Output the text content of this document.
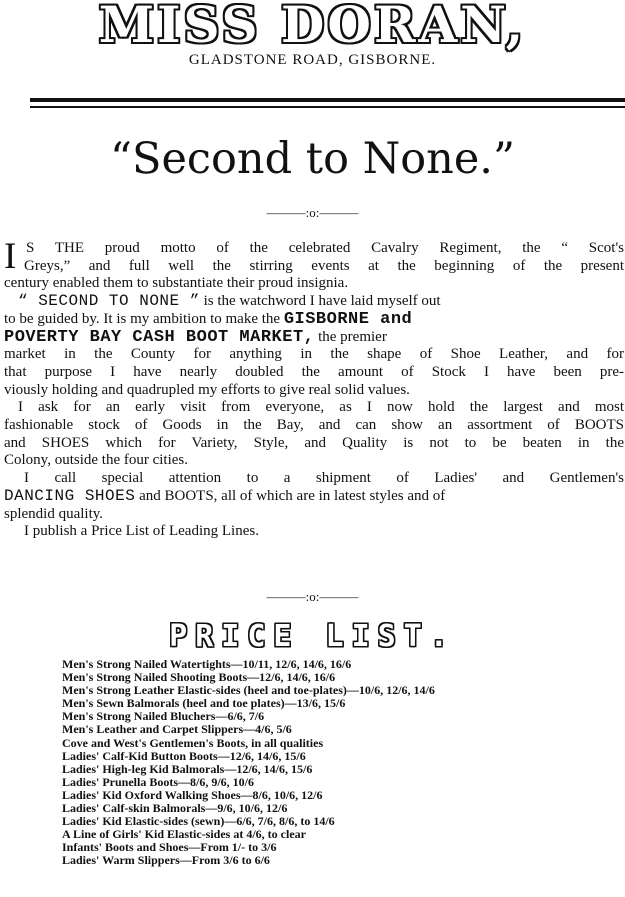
MISS DORAN,
GLADSTONE ROAD, GISBORNE.
“Second to None.”
———:o:———

I S THE proud motto of the celebrated Cavalry Regiment, the “ Scot's
Greys,” and full well the stirring events at the beginning of the present
century enabled them to substantiate their proud insignia.

“ SECOND TO NONE ” is the watchword I have laid myself out
to be guided by. It is my ambition to make the GISBORNE and
POVERTY BAY CASH BOOT MARKET, the premier
market in the County for anything in the shape of Shoe Leather, and for
that purpose I have nearly doubled the amount of Stock I have been pre-
viously holding and quadrupled my efforts to give real solid values.

I ask for an early visit from everyone, as I now hold the largest and most
fashionable stock of Goods in the Bay, and can show an assortment of BOOTS
and SHOES which for Variety, Style, and Quality is not to be beaten in the
Colony, outside the four cities.

I call special attention to a shipment of Ladies' and Gentlemen's
DANCING SHOES and BOOTS, all of which are in latest styles and of
splendid quality.

I publish a Price List of Leading Lines.

———:o:———
PRICE LIST.
Men's Strong Nailed Watertights—10/11, 12/6, 14/6, 16/6
Men's Strong Nailed Shooting Boots—12/6, 14/6, 16/6
Men's Strong Leather Elastic-sides (heel and toe-plates)—10/6, 12/6, 14/6
Men's Sewn Balmorals (heel and toe plates)—13/6, 15/6
Men's Strong Nailed Bluchers—6/6, 7/6
Men's Leather and Carpet Slippers—4/6, 5/6
Cove and West's Gentlemen's Boots, in all qualities
Ladies' Calf-Kid Button Boots—12/6, 14/6, 15/6
Ladies' High-leg Kid Balmorals—12/6, 14/6, 15/6
Ladies' Prunella Boots—8/6, 9/6, 10/6
Ladies' Kid Oxford Walking Shoes—8/6, 10/6, 12/6
Ladies' Calf-skin Balmorals—9/6, 10/6, 12/6
Ladies' Kid Elastic-sides (sewn)—6/6, 7/6, 8/6, to 14/6
A Line of Girls' Kid Elastic-sides at 4/6, to clear
Infants' Boots and Shoes—From 1/- to 3/6
Ladies' Warm Slippers—From 3/6 to 6/6
